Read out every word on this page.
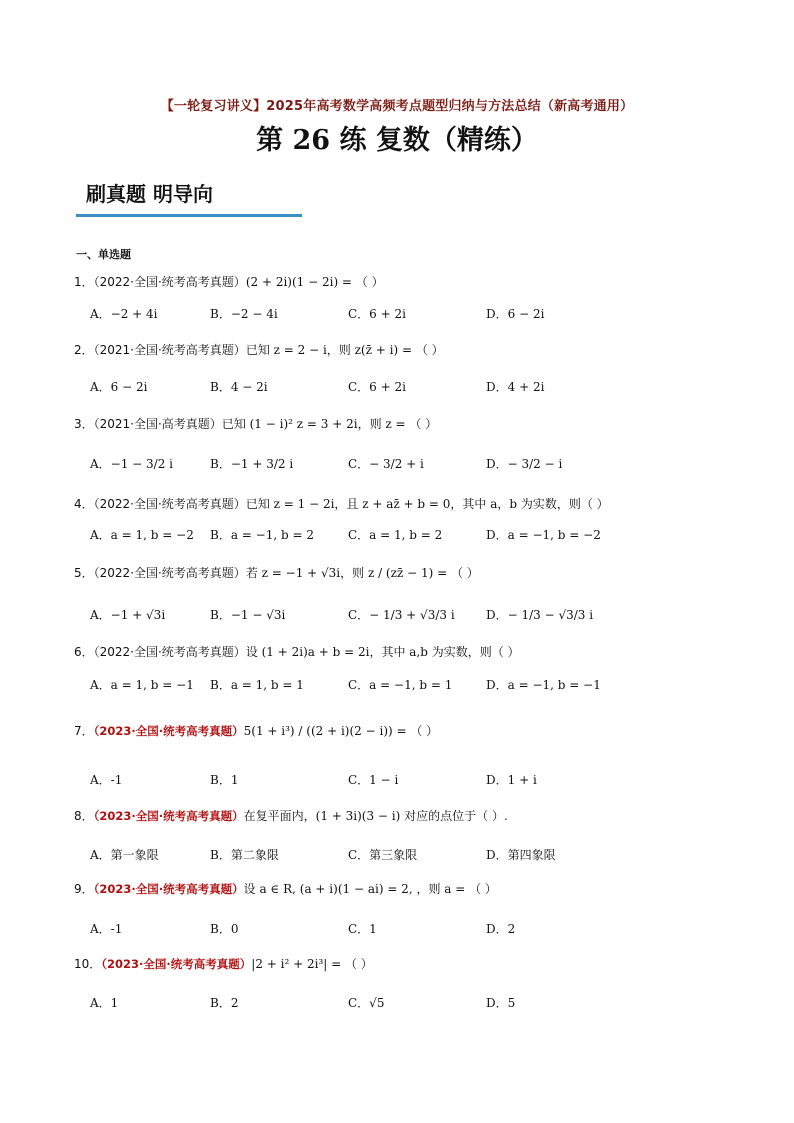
【一轮复习讲义】2025年高考数学高频考点题型归纳与方法总结（新高考通用）
第 26 练 复数（精练）
刷真题 明导向
一、单选题
1．（2022·全国·统考高考真题）(2 + 2i)(1 − 2i) = （ ）
A．−2 + 4i	B．−2 − 4i	C．6 + 2i	D．6 − 2i
2．（2021·全国·统考高考真题）已知 z = 2 − i，则 z(z̄ + i) = （ ）
A．6 − 2i	B．4 − 2i	C．6 + 2i	D．4 + 2i
3．（2021·全国·高考真题）已知 (1 − i)² z = 3 + 2i，则 z = （ ）
A．−1 − 3/2 i	B．−1 + 3/2 i	C．− 3/2 + i	D．− 3/2 − i
4．（2022·全国·统考高考真题）已知 z = 1 − 2i，且 z + az̄ + b = 0，其中 a，b 为实数，则（ ）
A．a = 1, b = −2 B．a = −1, b = 2	C．a = 1, b = 2	D．a = −1, b = −2
5．（2022·全国·统考高考真题）若 z = −1 + √3i，则 z / (zz̄ − 1) = （ ）
A．−1 + √3i	B．−1 − √3i	C．− 1/3 + √3/3 i	D．− 1/3 − √3/3 i
6．（2022·全国·统考高考真题）设 (1 + 2i)a + b = 2i，其中 a,b 为实数，则（ ）
A．a = 1, b = −1 B．a = 1, b = 1	C．a = −1, b = 1	D．a = −1, b = −1
7．（2023·全国·统考高考真题）5(1 + i³) / ((2 + i)(2 − i)) = （ ）
A．-1	B．1	C．1 − i	D．1 + i
8．（2023·全国·统考高考真题）在复平面内，(1 + 3i)(3 − i) 对应的点位于（ ）.
A．第一象限	B．第二象限	C．第三象限	D．第四象限
9．（2023·全国·统考高考真题）设 a ∈ R, (a + i)(1 − ai) = 2, ，则 a = （ ）
A．-1	B．0	C．1	D．2
10．（2023·全国·统考高考真题）|2 + i² + 2i³| = （ ）
A．1	B．2	C．√5	D．5
